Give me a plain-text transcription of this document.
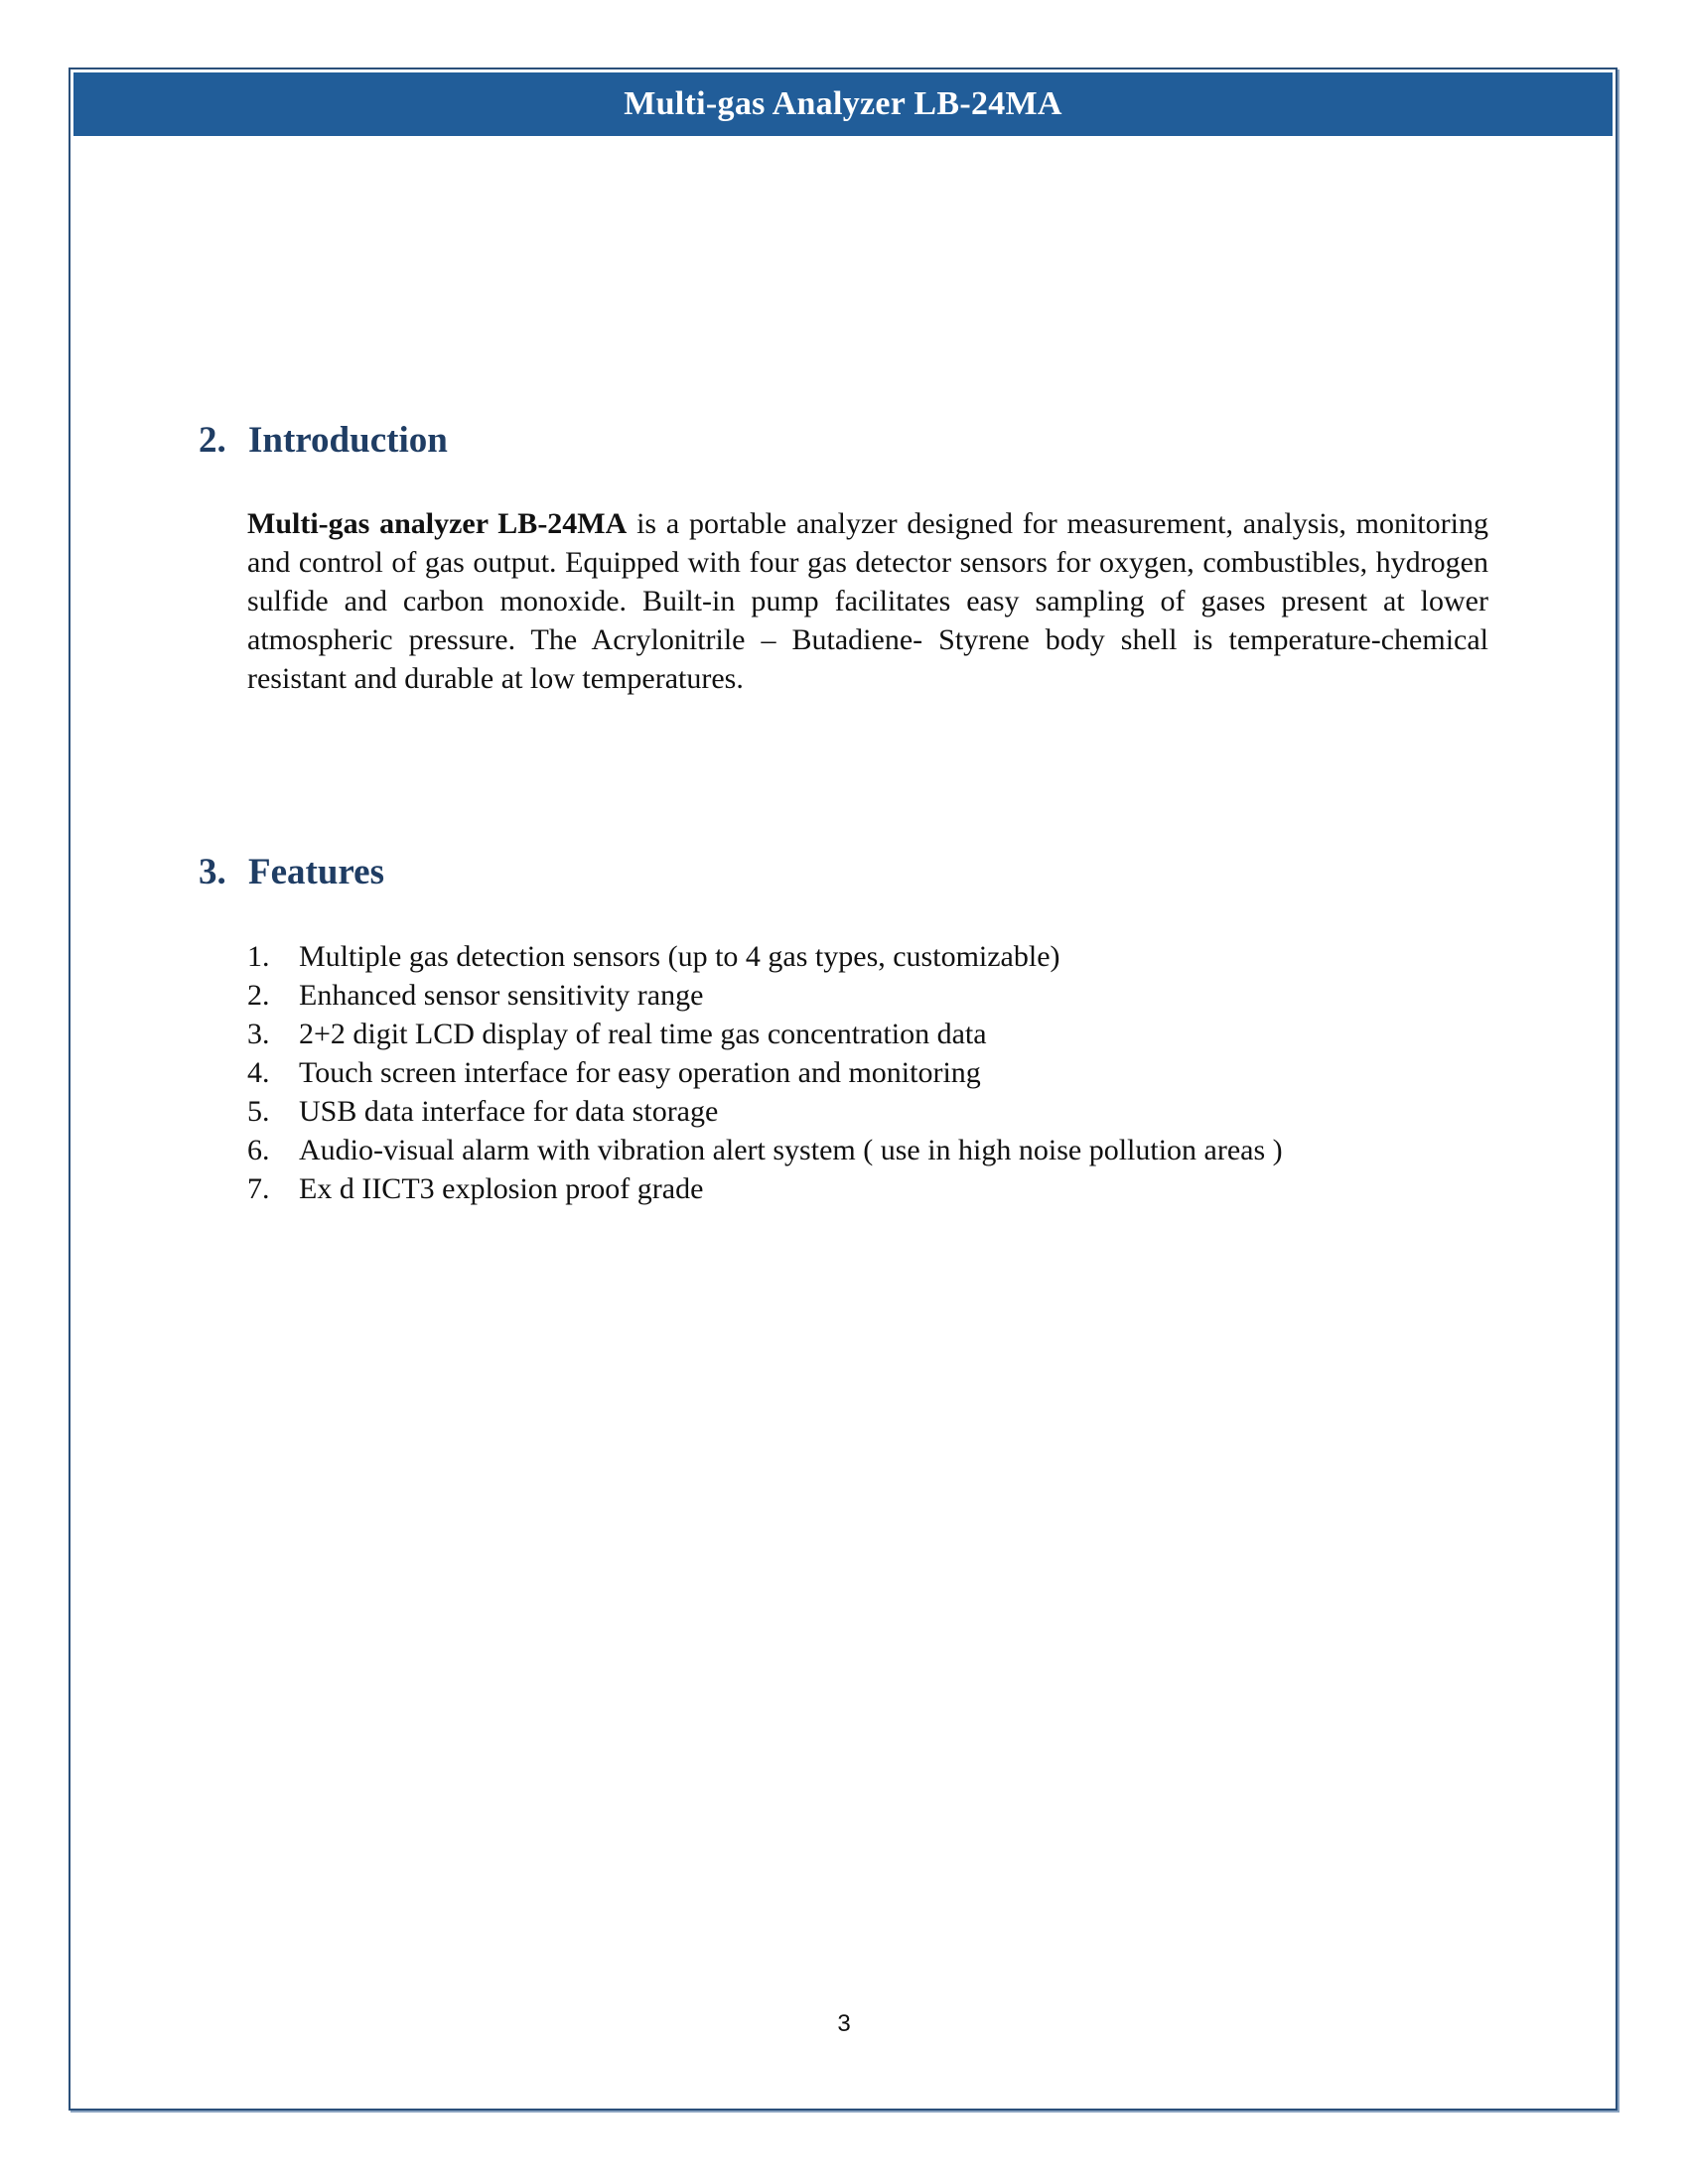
Multi-gas Analyzer LB-24MA
2. Introduction

Multi-gas analyzer LB-24MA is a portable analyzer designed for measurement, analysis, monitoring and control of gas output. Equipped with four gas detector sensors for oxygen, combustibles, hydrogen sulfide and carbon monoxide. Built-in pump facilitates easy sampling of gases present at lower atmospheric pressure. The Acrylonitrile – Butadiene- Styrene body shell is temperature-chemical resistant and durable at low temperatures.

3. Features
1. Multiple gas detection sensors (up to 4 gas types, customizable)
2. Enhanced sensor sensitivity range
3. 2+2 digit LCD display of real time gas concentration data
4. Touch screen interface for easy operation and monitoring
5. USB data interface for data storage
6. Audio-visual alarm with vibration alert system ( use in high noise pollution areas )
7. Ex d IICT3 explosion proof grade
3
